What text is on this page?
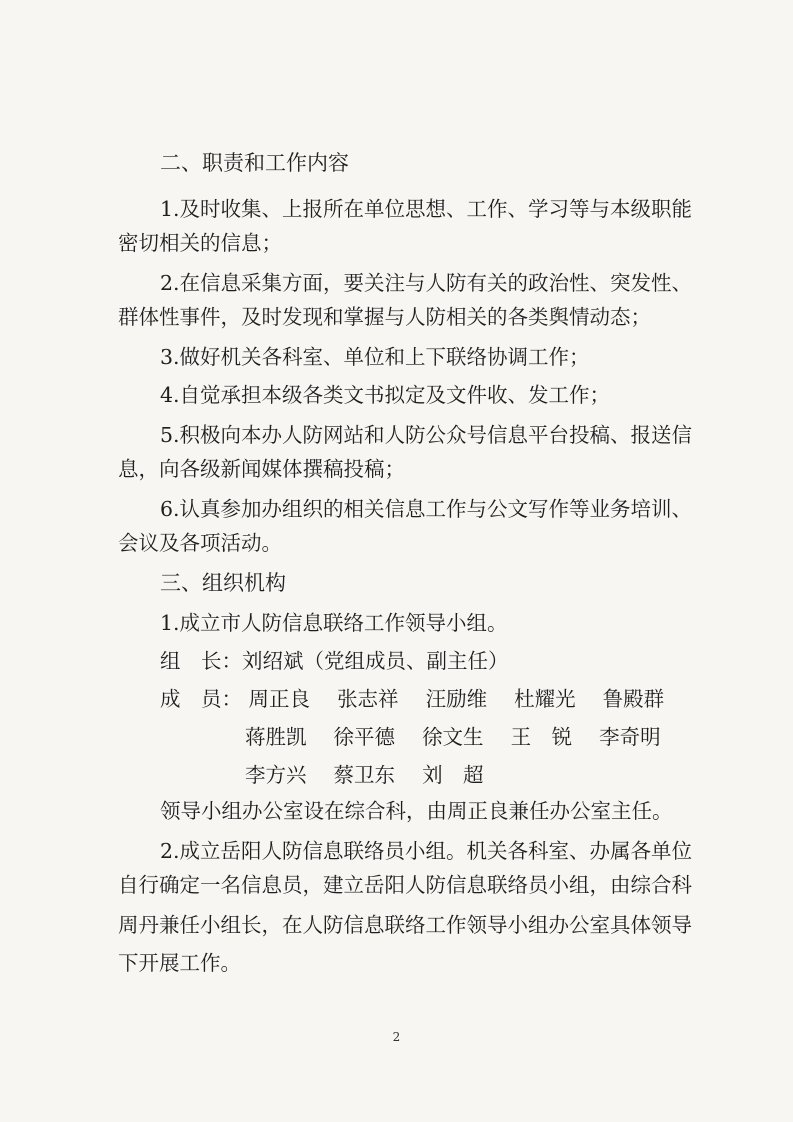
二、职责和工作内容
1.及时收集、上报所在单位思想、工作、学习等与本级职能
密切相关的信息；
2.在信息采集方面，要关注与人防有关的政治性、突发性、
群体性事件，及时发现和掌握与人防相关的各类舆情动态；
3.做好机关各科室、单位和上下联络协调工作；
4.自觉承担本级各类文书拟定及文件收、发工作；
5.积极向本办人防网站和人防公众号信息平台投稿、报送信
息，向各级新闻媒体撰稿投稿；
6.认真参加办组织的相关信息工作与公文写作等业务培训、
会议及各项活动。
三、组织机构
1.成立市人防信息联络工作领导小组。
组　长：刘绍斌（党组成员、副主任）
成　员： 周正良 张志祥 汪励维 杜耀光 鲁殿群
蒋胜凯 徐平德 徐文生 王　锐 李奇明
李方兴 蔡卫东 刘　超
领导小组办公室设在综合科，由周正良兼任办公室主任。
2.成立岳阳人防信息联络员小组。机关各科室、办属各单位
自行确定一名信息员，建立岳阳人防信息联络员小组，由综合科
周丹兼任小组长，在人防信息联络工作领导小组办公室具体领导
下开展工作。
2
